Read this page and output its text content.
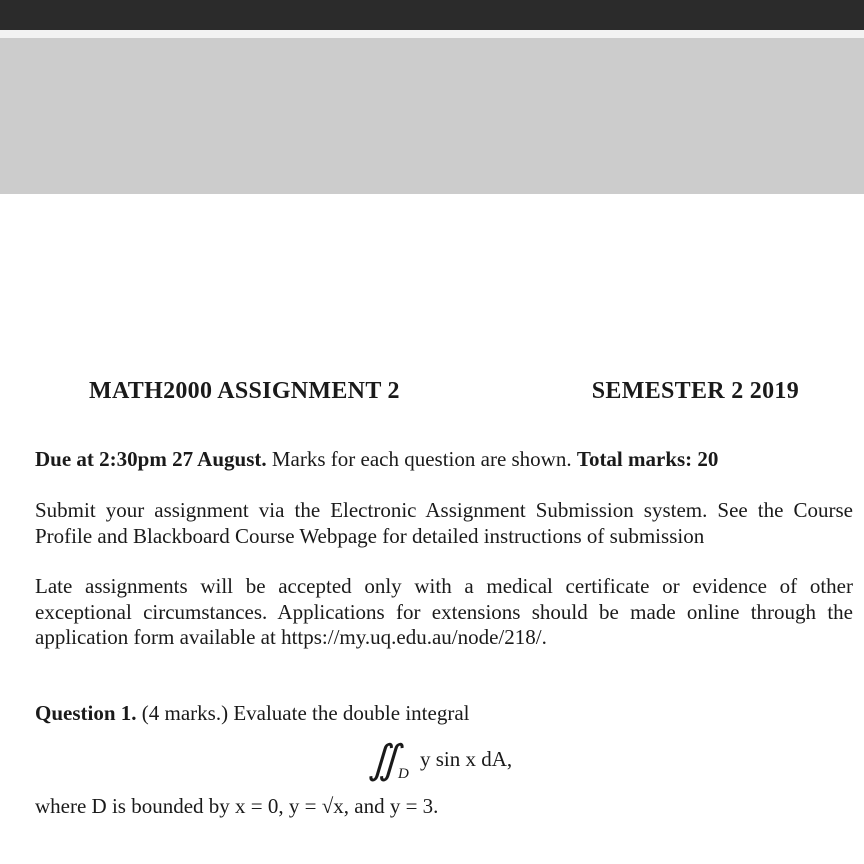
MATH2000 ASSIGNMENT 2	SEMESTER 2 2019
Due at 2:30pm 27 August. Marks for each question are shown. Total marks: 20
Submit your assignment via the Electronic Assignment Submission system. See the Course Profile and Blackboard Course Webpage for detailed instructions of submission
Late assignments will be accepted only with a medical certificate or evidence of other exceptional circumstances. Applications for extensions should be made online through the application form available at https://my.uq.edu.au/node/218/.
Question 1. (4 marks.) Evaluate the double integral
∬
D
y sin x dA,
where D is bounded by x = 0, y = √x, and y = 3.
